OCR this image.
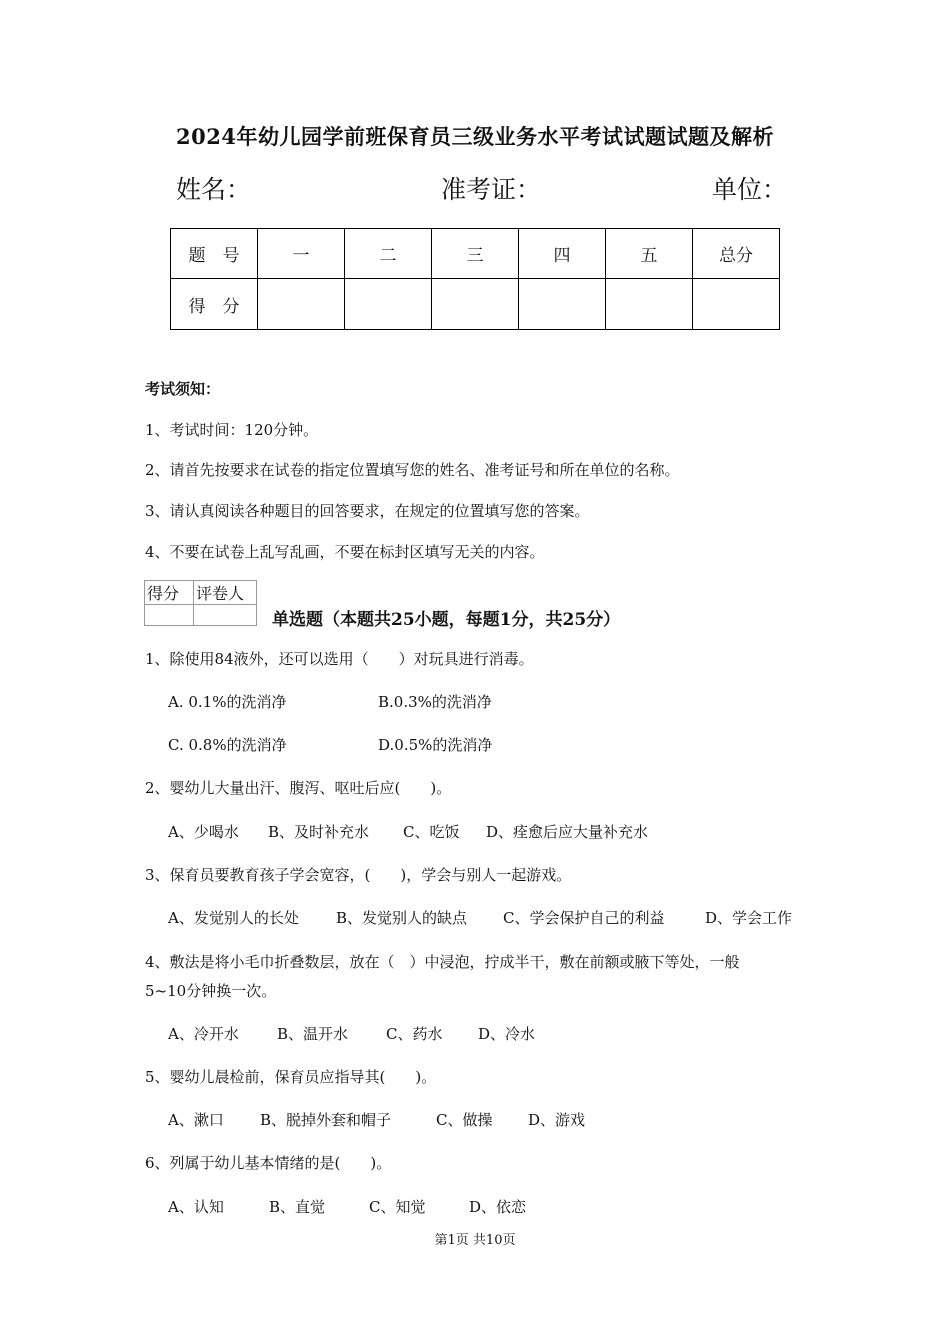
2024年幼儿园学前班保育员三级业务水平考试试题试题及解析
姓名：	准考证：	单位：
题　号	一	二	三	四	五	总分
得　分						
考试须知：
1、考试时间：120分钟。
2、请首先按要求在试卷的指定位置填写您的姓名、准考证号和所在单位的名称。
3、请认真阅读各种题目的回答要求，在规定的位置填写您的答案。
4、不要在试卷上乱写乱画，不要在标封区填写无关的内容。
得分	评卷人

单选题（本题共25小题，每题1分，共25分）
1、除使用84液外，还可以选用（　　）对玩具进行消毒。
A. 0.1%的洗消净	B.0.3%的洗消净
C. 0.8%的洗消净	D.0.5%的洗消净
2、婴幼儿大量出汗、腹泻、呕吐后应(　　)。
A、少喝水 B、及时补充水 C、吃饭 D、痊愈后应大量补充水
3、保育员要教育孩子学会宽容，(　　)，学会与别人一起游戏。
A、发觉别人的长处 B、发觉别人的缺点 C、学会保护自己的利益	D、学会工作
4、敷法是将小毛巾折叠数层，放在（　）中浸泡，拧成半干，敷在前额或腋下等处，一般
5~10分钟换一次。
A、冷开水	B、温开水	C、药水 D、冷水
5、婴幼儿晨检前，保育员应指导其(　　)。
A、漱口 B、脱掉外套和帽子	C、做操 D、游戏
6、列属于幼儿基本情绪的是(　　)。
A、认知	B、直觉	C、知觉	D、依恋
第1页 共10页
